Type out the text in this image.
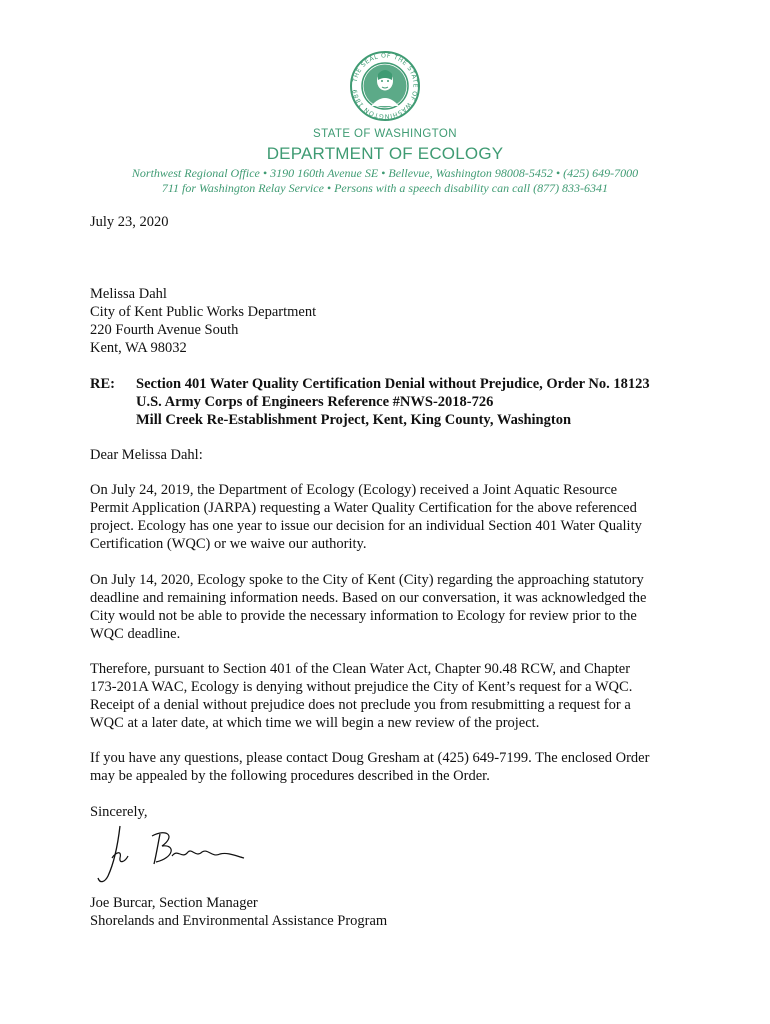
THE SEAL OF THE STATE OF WASHINGTON 1889
STATE OF WASHINGTON
DEPARTMENT OF ECOLOGY
Northwest Regional Office • 3190 160th Avenue SE • Bellevue, Washington 98008-5452 • (425) 649-7000
711 for Washington Relay Service • Persons with a speech disability can call (877) 833-6341
July 23, 2020
Melissa Dahl
City of Kent Public Works Department
220 Fourth Avenue South
Kent, WA 98032
RE: Section 401 Water Quality Certification Denial without Prejudice, Order No. 18123
U.S. Army Corps of Engineers Reference #NWS-2018-726
Mill Creek Re-Establishment Project, Kent, King County, Washington
Dear Melissa Dahl:
On July 24, 2019, the Department of Ecology (Ecology) received a Joint Aquatic Resource
Permit Application (JARPA) requesting a Water Quality Certification for the above referenced
project. Ecology has one year to issue our decision for an individual Section 401 Water Quality
Certification (WQC) or we waive our authority.
On July 14, 2020, Ecology spoke to the City of Kent (City) regarding the approaching statutory
deadline and remaining information needs. Based on our conversation, it was acknowledged the
City would not be able to provide the necessary information to Ecology for review prior to the
WQC deadline.
Therefore, pursuant to Section 401 of the Clean Water Act, Chapter 90.48 RCW, and Chapter
173-201A WAC, Ecology is denying without prejudice the City of Kent’s request for a WQC.
Receipt of a denial without prejudice does not preclude you from resubmitting a request for a
WQC at a later date, at which time we will begin a new review of the project.
If you have any questions, please contact Doug Gresham at (425) 649-7199. The enclosed Order
may be appealed by the following procedures described in the Order.
Sincerely,
Joe Burcar, Section Manager
Shorelands and Environmental Assistance Program
